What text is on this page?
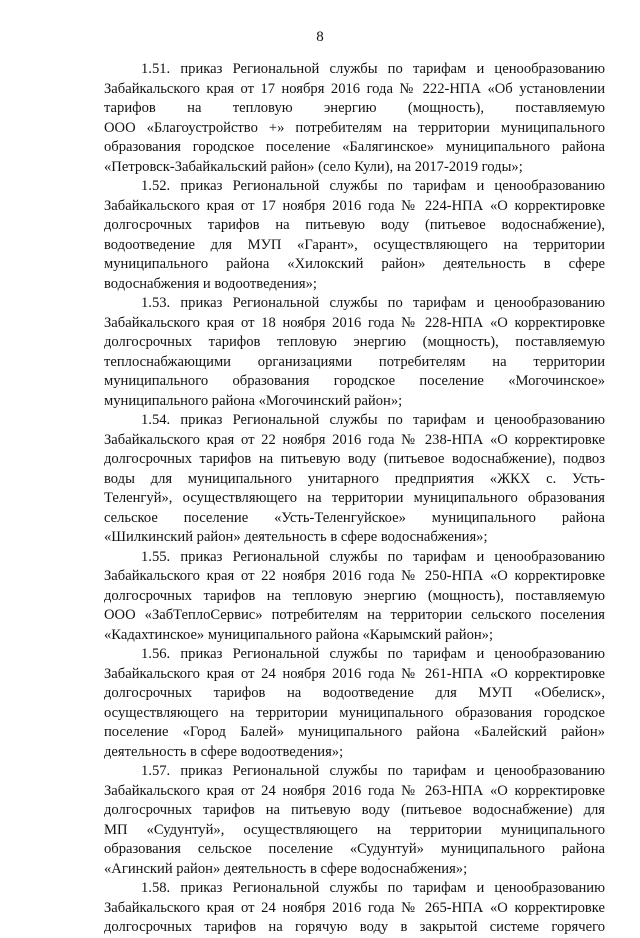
8
1.51. приказ Региональной службы по тарифам и ценообразованию
Забайкальского края от 17 ноября 2016 года № 222-НПА «Об установлении
тарифов на тепловую энергию (мощность), поставляемую
ООО «Благоустройство +» потребителям на территории муниципального
образования городское поселение «Балягинское» муниципального района
«Петровск-Забайкальский район» (село Кули), на 2017-2019 годы»;
1.52. приказ Региональной службы по тарифам и ценообразованию
Забайкальского края от 17 ноября 2016 года № 224-НПА «О корректировке
долгосрочных тарифов на питьевую воду (питьевое водоснабжение),
водоотведение для МУП «Гарант», осуществляющего на территории
муниципального района «Хилокский район» деятельность в сфере
водоснабжения и водоотведения»;
1.53. приказ Региональной службы по тарифам и ценообразованию
Забайкальского края от 18 ноября 2016 года № 228-НПА «О корректировке
долгосрочных тарифов тепловую энергию (мощность), поставляемую
теплоснабжающими организациями потребителям на территории
муниципального образования городское поселение «Могочинское»
муниципального района «Могочинский район»;
1.54. приказ Региональной службы по тарифам и ценообразованию
Забайкальского края от 22 ноября 2016 года № 238-НПА «О корректировке
долгосрочных тарифов на питьевую воду (питьевое водоснабжение), подвоз
воды для муниципального унитарного предприятия «ЖКХ с. Усть-
Теленгуй», осуществляющего на территории муниципального образования
сельское поселение «Усть-Теленгуйское» муниципального района
«Шилкинский район» деятельность в сфере водоснабжения»;
1.55. приказ Региональной службы по тарифам и ценообразованию
Забайкальского края от 22 ноября 2016 года № 250-НПА «О корректировке
долгосрочных тарифов на тепловую энергию (мощность), поставляемую
ООО «ЗабТеплоСервис» потребителям на территории сельского поселения
«Кадахтинское» муниципального района «Карымский район»;
1.56. приказ Региональной службы по тарифам и ценообразованию
Забайкальского края от 24 ноября 2016 года № 261-НПА «О корректировке
долгосрочных тарифов на водоотведение для МУП «Обелиск»,
осуществляющего на территории муниципального образования городское
поселение «Город Балей» муниципального района «Балейский район»
деятельность в сфере водоотведения»;
1.57. приказ Региональной службы по тарифам и ценообразованию
Забайкальского края от 24 ноября 2016 года № 263-НПА «О корректировке
долгосрочных тарифов на питьевую воду (питьевое водоснабжение) для
МП «Судунтуй», осуществляющего на территории муниципального
образования сельское поселение «Судунтуй» муниципального района
«Агинский район» деятельность в сфере водоснабжения»;
1.58. приказ Региональной службы по тарифам и ценообразованию
Забайкальского края от 24 ноября 2016 года № 265-НПА «О корректировке
долгосрочных тарифов на горячую воду в закрытой системе горячего
